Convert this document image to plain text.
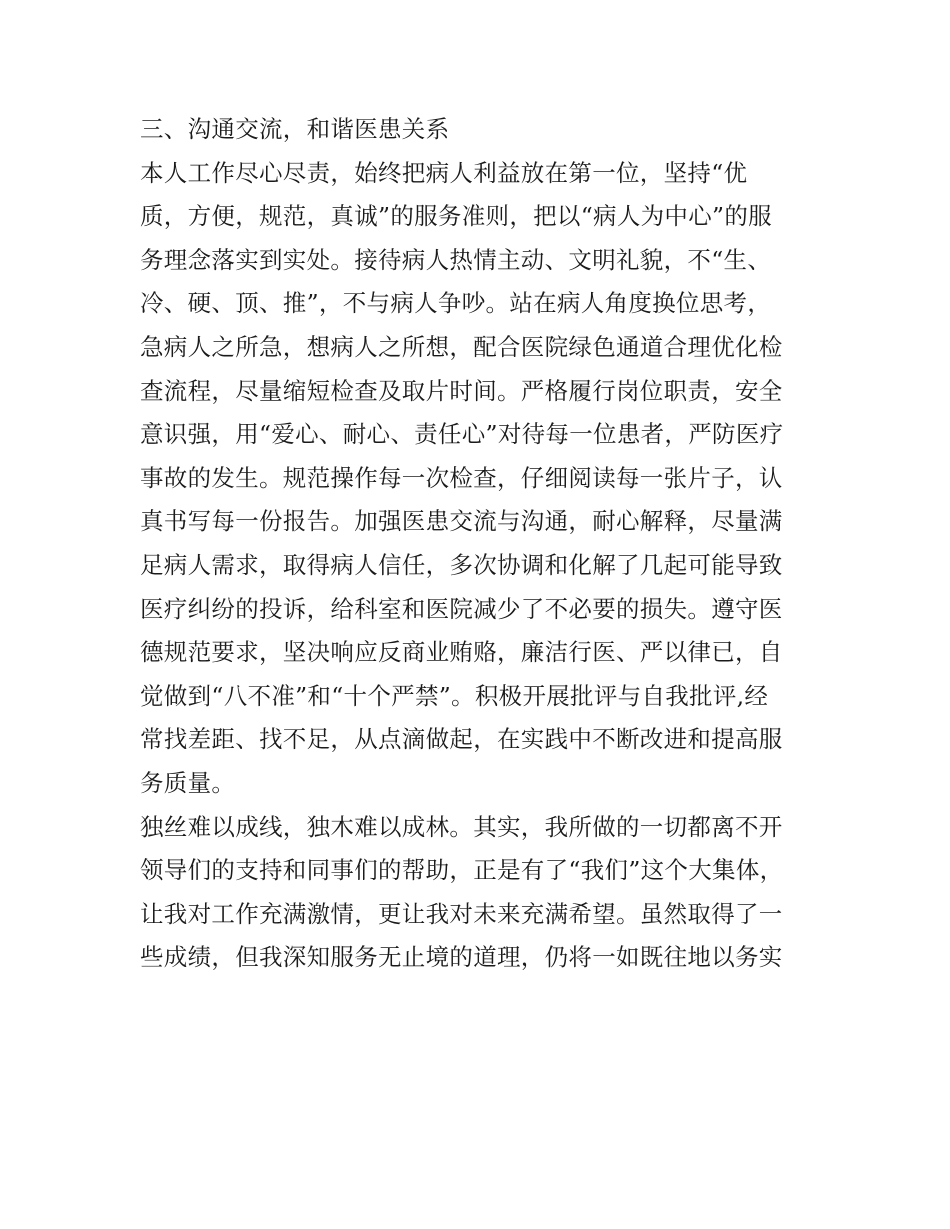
三、沟通交流，和谐医患关系
本人工作尽心尽责，始终把病人利益放在第一位，坚持“优
质，方便，规范，真诚”的服务准则，把以“病人为中心”的服
务理念落实到实处。接待病人热情主动、文明礼貌，不“生、
冷、硬、顶、推”，不与病人争吵。站在病人角度换位思考，
急病人之所急，想病人之所想，配合医院绿色通道合理优化检
查流程，尽量缩短检查及取片时间。严格履行岗位职责，安全
意识强，用“爱心、耐心、责任心”对待每一位患者，严防医疗
事故的发生。规范操作每一次检查，仔细阅读每一张片子，认
真书写每一份报告。加强医患交流与沟通，耐心解释，尽量满
足病人需求，取得病人信任，多次协调和化解了几起可能导致
医疗纠纷的投诉，给科室和医院减少了不必要的损失。遵守医
德规范要求，坚决响应反商业贿赂，廉洁行医、严以律已，自
觉做到“八不准”和“十个严禁”。积极开展批评与自我批评,经
常找差距、找不足，从点滴做起，在实践中不断改进和提高服
务质量。
独丝难以成线，独木难以成林。其实，我所做的一切都离不开
领导们的支持和同事们的帮助，正是有了“我们”这个大集体，
让我对工作充满激情，更让我对未来充满希望。虽然取得了一
些成绩，但我深知服务无止境的道理，仍将一如既往地以务实
